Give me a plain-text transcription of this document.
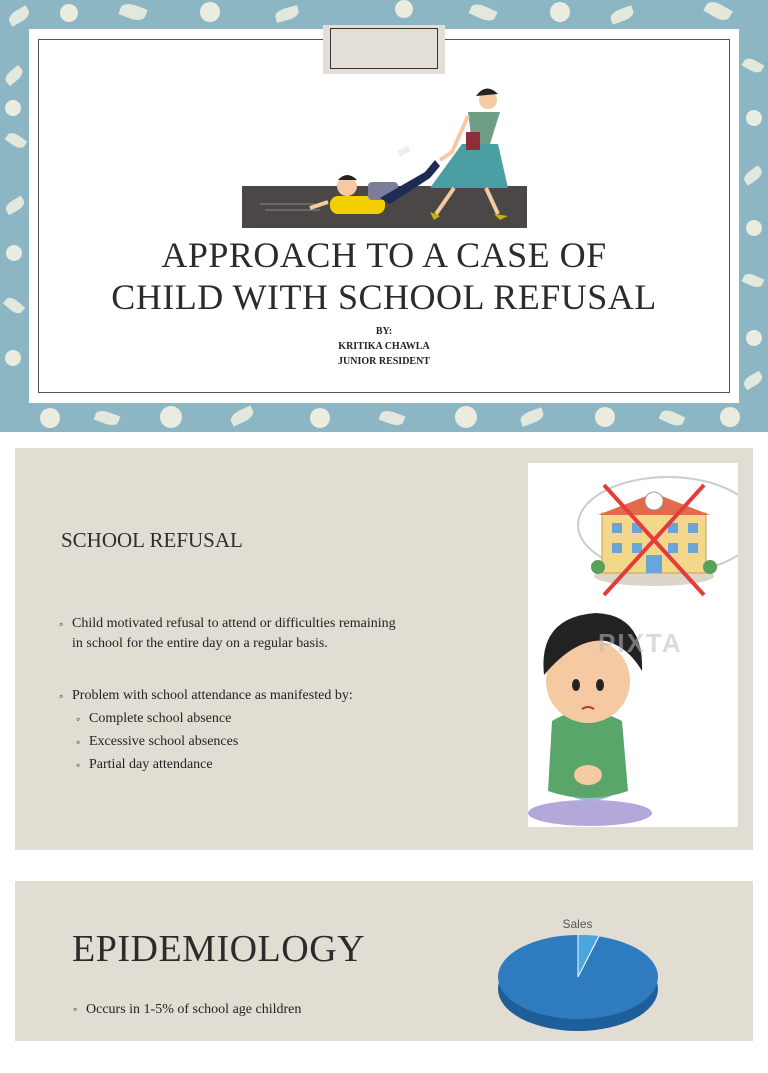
APPROACH TO A CASE OF
CHILD WITH SCHOOL REFUSAL
BY:
KRITIKA CHAWLA
JUNIOR RESIDENT
SCHOOL REFUSAL
◦ Child motivated refusal to attend or difficulties remaining
in school for the entire day on a regular basis.
◦ Problem with school attendance as manifested by:
◦ Complete school absence
◦ Excessive school absences
◦ Partial day attendance
PIXTA
EPIDEMIOLOGY
◦ Occurs in 1-5% of school age children
Sales
